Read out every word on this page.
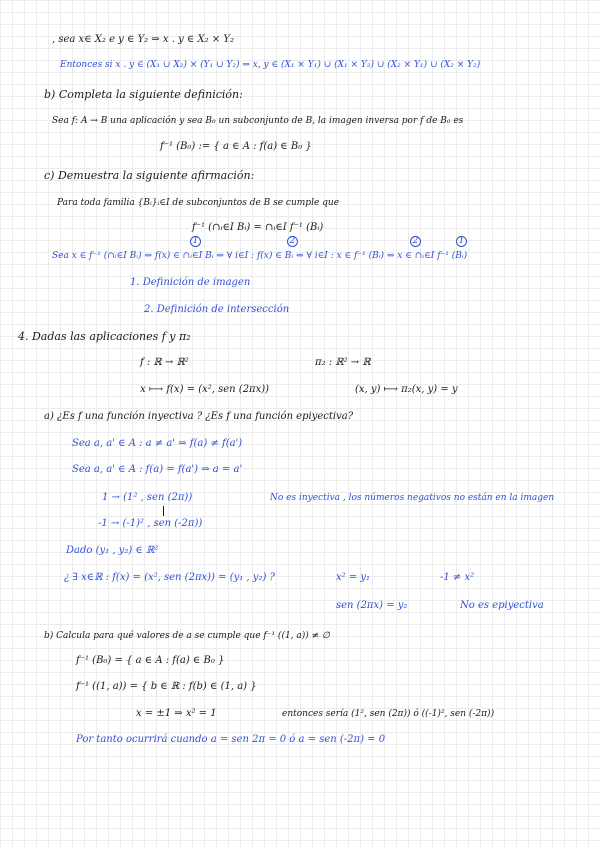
, sea x∈ X₂ e y ∈ Y₂ ⇒ x . y ∈ X₂ × Y₂
Entonces si x . y ∈ (X₁ ∪ X₂) × (Y₁ ∪ Y₂) ⇒ x, y ∈ (X₁ × Y₁) ∪ (X₁ × Y₂) ∪ (X₂ × Y₁) ∪ (X₂ × Y₂)
b) Completa la siguiente definición:
Sea f: A → B una aplicación y sea B₀ un subconjunto de B, la imagen inversa por f de B₀ es
f⁻¹ (B₀) := { a ∈ A : f(a) ∈ B₀ }
c) Demuestra la siguiente afirmación:
Para toda familia {Bᵢ}ᵢ∈I de subconjuntos de B se cumple que
f⁻¹ (∩ᵢ∈I Bᵢ) = ∩ᵢ∈I f⁻¹ (Bᵢ)
1	2	2	1
Sea x ∈ f⁻¹ (∩ᵢ∈I Bᵢ) ⇔ f(x) ∈ ∩ᵢ∈I Bᵢ ⇔ ∀ i∈I : f(x) ∈ Bᵢ ⇔ ∀ i∈I : x ∈ f⁻¹ (Bᵢ) ⇔ x ∈ ∩ᵢ∈I f⁻¹ (Bᵢ)
1. Definición de imagen
2. Definición de intersección
4. Dadas las aplicaciones f y π₂
f : ℝ → ℝ²	π₂ : ℝ² → ℝ
x ⟼ f(x) = (x², sen (2πx))	(x, y) ⟼ π₂(x, y) = y
a) ¿Es f una función inyectiva ? ¿Es f una función epiyectiva?
Sea a, a' ∈ A : a ≠ a' ⇒ f(a) ≠ f(a')
Sea a, a' ∈ A : f(a) = f(a') ⇒ a = a'
1 → (1² , sen (2π))	No es inyectiva , los números negativos no están en la imagen
-1 → (-1)² , sen (-2π))
Dado (y₁ , y₂) ∈ ℝ²
¿ ∃ x∈ℝ : f(x) = (x², sen (2πx)) = (y₁ , y₂) ?	x² = y₁	-1 ≠ x²
sen (2πx) = y₂	No es epiyectiva
b) Calcula para qué valores de a se cumple que f⁻¹ ((1, a)) ≠ ∅
f⁻¹ (B₀) = { a ∈ A : f(a) ∈ B₀ }
f⁻¹ ((1, a)) = { b ∈ ℝ : f(b) ∈ (1, a) }
x = ±1 ⇒ x² = 1	entonces sería (1², sen (2π)) ó ((-1)², sen (-2π))
Por tanto ocurrirá cuando a = sen 2π = 0 ó a = sen (-2π) = 0
